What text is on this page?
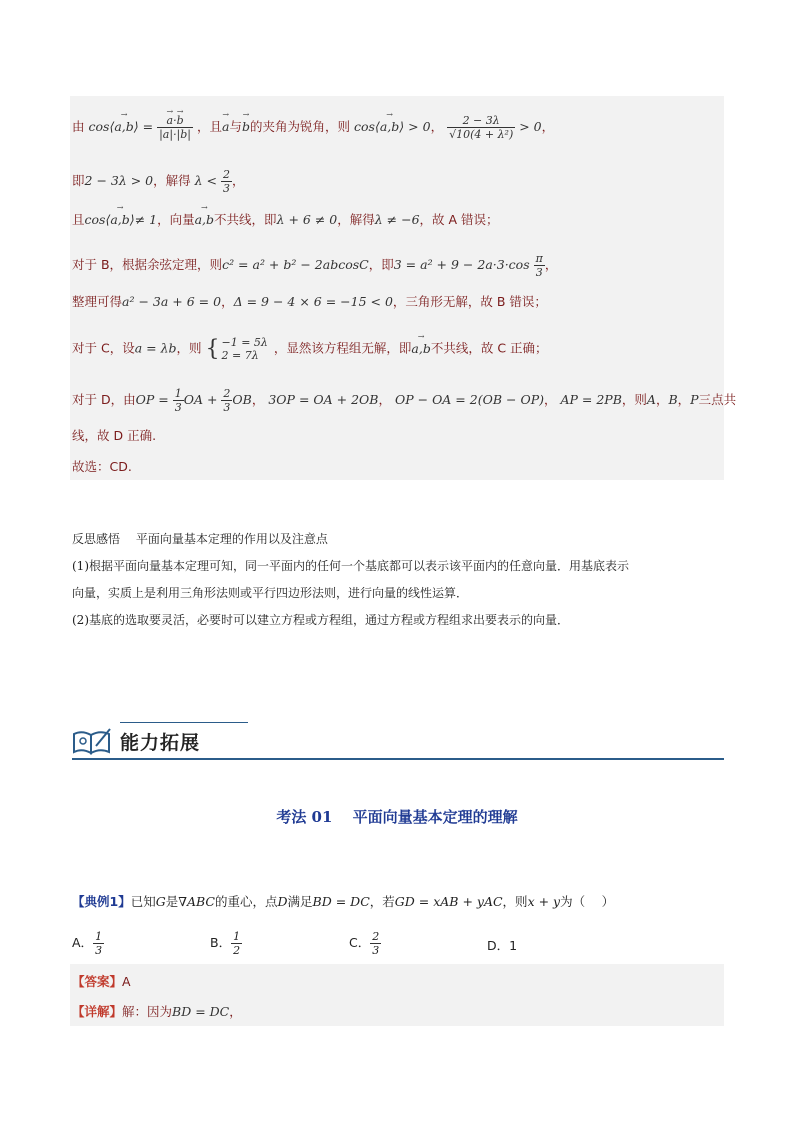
由 cos⟨→ a,b⟩ =
→ $\frac{a\cdot\to b}{|a|\cdot|b|}$ ，且→ a与→ b的夹角为锐角，则 cos⟨→ a,b⟩ > 0， $\frac{2 - 3\lambda}{\text{√10(4 + λ²)}} > 0$，
即2 − 3λ > 0，解得 $\lambda < \frac{2}{3}$ ，
且cos⟨→ a,b⟩≠ 1，向量→ a,b不共线，即λ + 6 ≠ 0，解得λ ≠ −6，故 A 错误；
对于 B，根据余弦定理，则c² = a² + b² − 2abcosC，即$3 = a^2 + 9 - 2a\cdot 3\cdot\cos \frac{\pi}{3}$ ，
整理可得a² − 3a + 6 = 0，Δ = 9 − 4 × 6 = −15 < 0，三角形无解，故 B 错误；
对于 C，设a = λb，则 { −1 = 5λ
2 = 7λ	，显然该方程组无解，即→ a,b不共线，故 C 正确；
对于 D，由OP = $\frac{1}{3}$ OA + $\frac{2}{3}$ OB， 3OP = OA + 2OB， OP − OA = 2(OB − OP)， AP = 2PB，则A，B，P三点共
线，故 D 正确.
故选：CD.
反思感悟　 平面向量基本定理的作用以及注意点
(1)根据平面向量基本定理可知，同一平面内的任何一个基底都可以表示该平面内的任意向量．用基底表示
向量，实质上是利用三角形法则或平行四边形法则，进行向量的线性运算．
(2)基底的选取要灵活，必要时可以建立方程或方程组，通过方程或方程组求出要表示的向量．
能力拓展
考法 01　 平面向量基本定理的理解
【典例1】已知G是∇ABC的重心，点D满足BD = DC，若GD = xAB + yAC，则x + y为（　 ）
A． $\frac{1}{3}$	B． $\frac{1}{2}$	C． $\frac{2}{3}$	D．1
【答案】A
【详解】解：因为BD = DC，
